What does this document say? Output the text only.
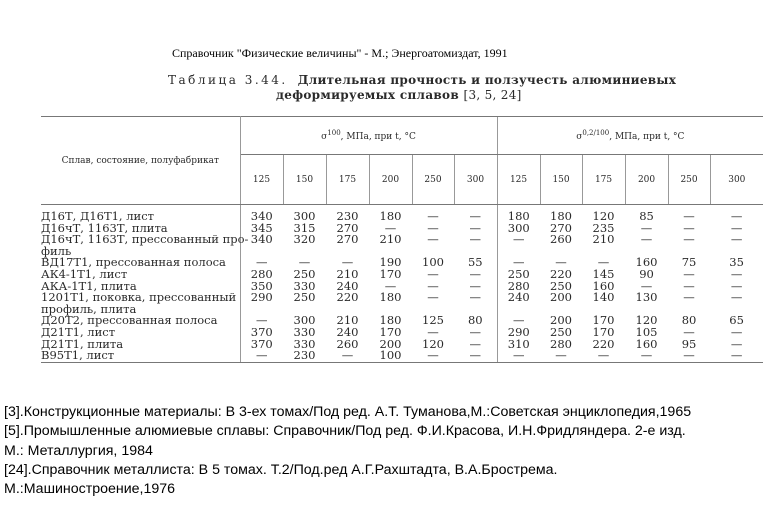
Справочник "Физические величины" - М.; Энергоатомиздат, 1991
Таблица 3.44. Длительная прочность и ползучесть алюминиевых
деформируемых сплавов [3, 5, 24]
Сплав, состояние, полуфабрикат	$\sigma^{100}$, МПа, при t, °С						$\sigma^{0,2/100}$, МПа, при t, °С					
	125	150	175	200	250	300	125	150	175	200	250	300
Д16Т, Д16Т1, лист	340	300	230	180	—	—	180	180	120	85	—	—
Д16чТ, 1163Т, плита	345	315	270	—	—	—	300	270	235	—	—	—
Д16чТ, 1163Т, прессованный про-	340	320	270	210	—	—	—	260	210	—	—	—
филь												
ВД17Т1, прессованная полоса	—	—	—	190	100	55	—	—	—	160	75	35
АК4-1Т1, лист	280	250	210	170	—	—	250	220	145	90	—	—
АКА-1Т1, плита	350	330	240	—	—	—	280	250	160	—	—	—
1201Т1, поковка, прессованный	290	250	220	180	—	—	240	200	140	130	—	—
профиль, плита												
Д20Т2, прессованная полоса	—	300	210	180	125	80	—	200	170	120	80	65
Д21Т1, лист	370	330	240	170	—	—	290	250	170	105	—	—
Д21Т1, плита	370	330	260	200	120	—	310	280	220	160	95	—
В95Т1, лист	—	230	—	100	—	—	—	—	—	—	—	—
[3].Конструкционные материалы: В 3-ех томах/Под ред. А.Т. Туманова,М.:Советская энциклопедия,1965
[5].Промышленные алюмиевые сплавы: Справочник/Под ред. Ф.И.Красова, И.Н.Фридляндера. 2-е изд.
М.: Металлургия, 1984
[24].Справочник металлиста: В 5 томах. Т.2/Под.ред А.Г.Рахштадта, В.А.Брострема.
М.:Машиностроение,1976
